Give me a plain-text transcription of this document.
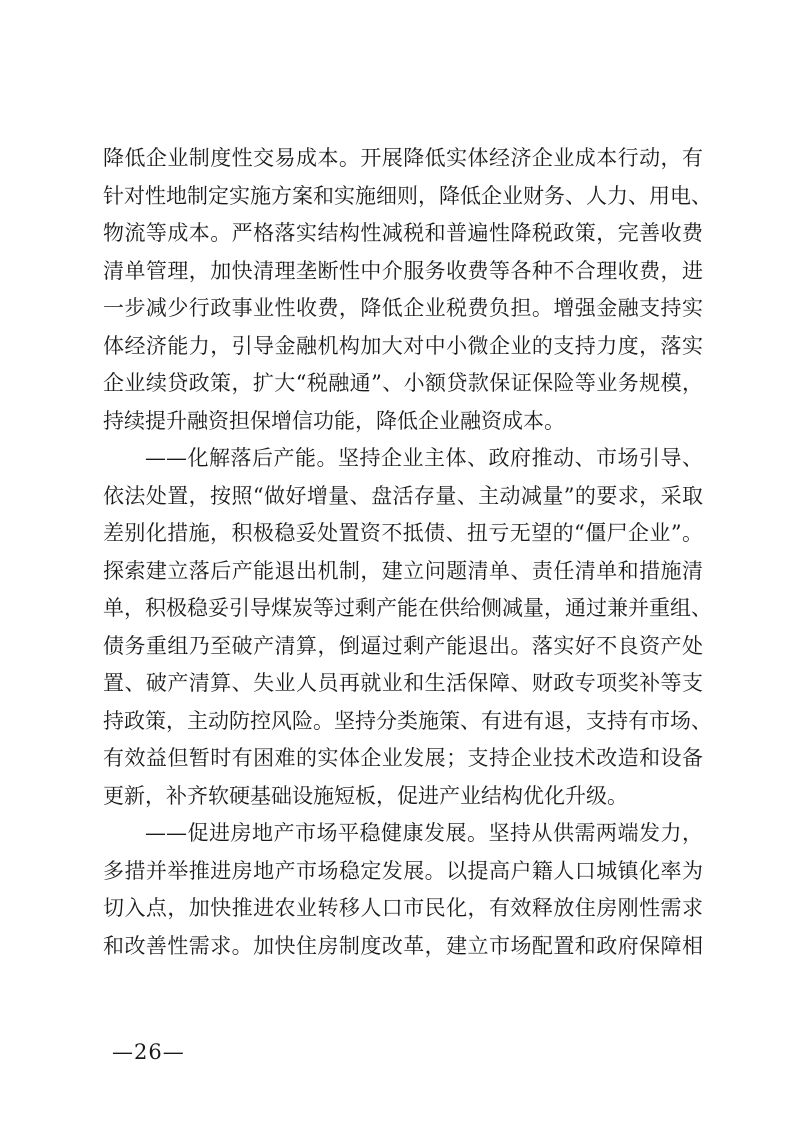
降低企业制度性交易成本。开展降低实体经济企业成本行动，有
针对性地制定实施方案和实施细则，降低企业财务、人力、用电、
物流等成本。严格落实结构性减税和普遍性降税政策，完善收费
清单管理，加快清理垄断性中介服务收费等各种不合理收费，进
一步减少行政事业性收费，降低企业税费负担。增强金融支持实
体经济能力，引导金融机构加大对中小微企业的支持力度，落实
企业续贷政策，扩大“税融通”、小额贷款保证保险等业务规模，
持续提升融资担保增信功能，降低企业融资成本。
——化解落后产能。坚持企业主体、政府推动、市场引导、
依法处置，按照“做好增量、盘活存量、主动减量”的要求，采取
差别化措施，积极稳妥处置资不抵债、扭亏无望的“僵尸企业”。
探索建立落后产能退出机制，建立问题清单、责任清单和措施清
单，积极稳妥引导煤炭等过剩产能在供给侧减量，通过兼并重组、
债务重组乃至破产清算，倒逼过剩产能退出。落实好不良资产处
置、破产清算、失业人员再就业和生活保障、财政专项奖补等支
持政策，主动防控风险。坚持分类施策、有进有退，支持有市场、
有效益但暂时有困难的实体企业发展；支持企业技术改造和设备
更新，补齐软硬基础设施短板，促进产业结构优化升级。
——促进房地产市场平稳健康发展。坚持从供需两端发力，
多措并举推进房地产市场稳定发展。以提高户籍人口城镇化率为
切入点，加快推进农业转移人口市民化，有效释放住房刚性需求
和改善性需求。加快住房制度改革，建立市场配置和政府保障相
—26—
